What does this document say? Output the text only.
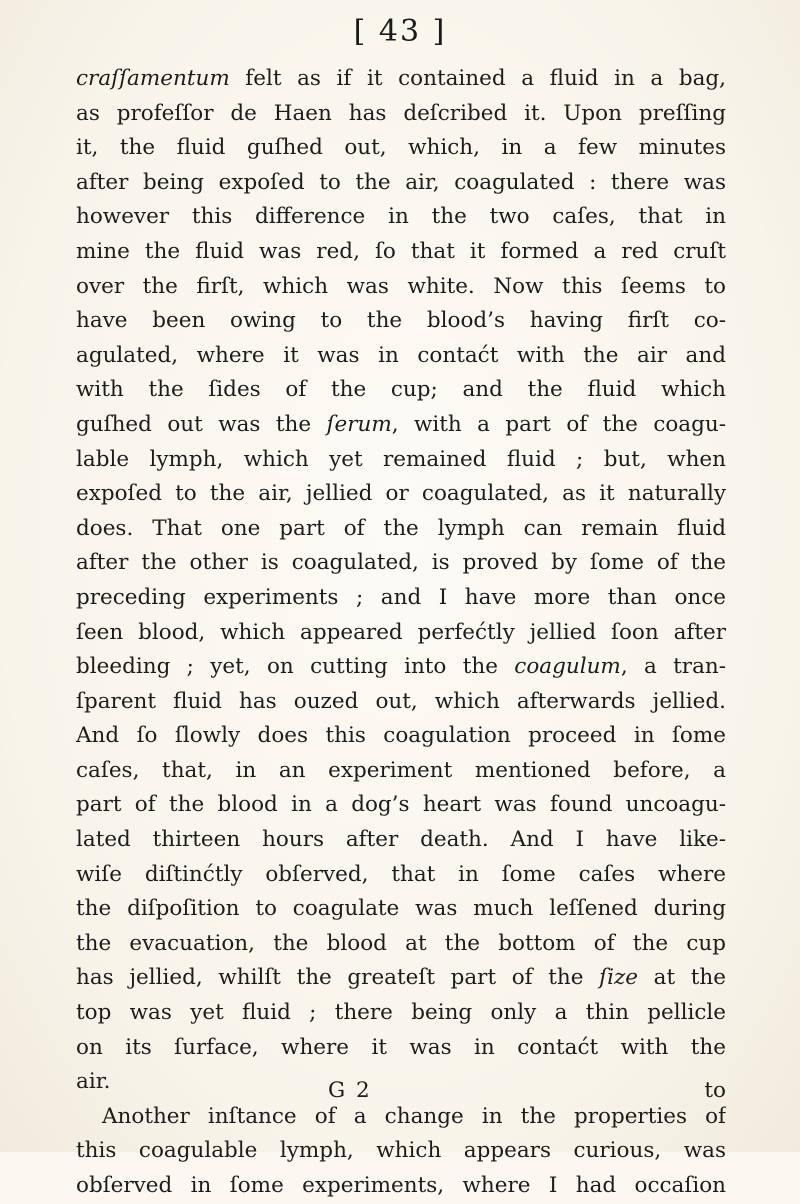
[ 43 ]
craſſamentum felt as if it contained a fluid in a bag,
as profeſſor de Haen has deſcribed it. Upon preſſing
it, the fluid guſhed out, which, in a few minutes
after being expoſed to the air, coagulated : there was
however this difference in the two caſes, that in
mine the fluid was red, ſo that it formed a red cruſt
over the firſt, which was white. Now this ſeems to
have been owing to the blood’s having firſt co-
agulated, where it was in contaćt with the air and
with the ſides of the cup; and the fluid which
guſhed out was the ſerum, with a part of the coagu-
lable lymph, which yet remained fluid ; but, when
expoſed to the air, jellied or coagulated, as it naturally
does. That one part of the lymph can remain fluid
after the other is coagulated, is proved by ſome of the
preceding experiments ; and I have more than once
ſeen blood, which appeared perfećtly jellied ſoon after
bleeding ; yet, on cutting into the coagulum, a tran-
ſparent fluid has ouzed out, which afterwards jellied.
And ſo ſlowly does this coagulation proceed in ſome
caſes, that, in an experiment mentioned before, a
part of the blood in a dog’s heart was found uncoagu-
lated thirteen hours after death. And I have like-
wiſe diſtinćtly obſerved, that in ſome caſes where
the diſpoſition to coagulate was much leſſened during
the evacuation, the blood at the bottom of the cup
has jellied, whilſt the greateſt part of the ſize at the
top was yet fluid ; there being only a thin pellicle
on its ſurface, where it was in contaćt with the
air.
Another inſtance of a change in the properties of
this coagulable lymph, which appears curious, was
obſerved in ſome experiments, where I had occaſion
G 2	to
